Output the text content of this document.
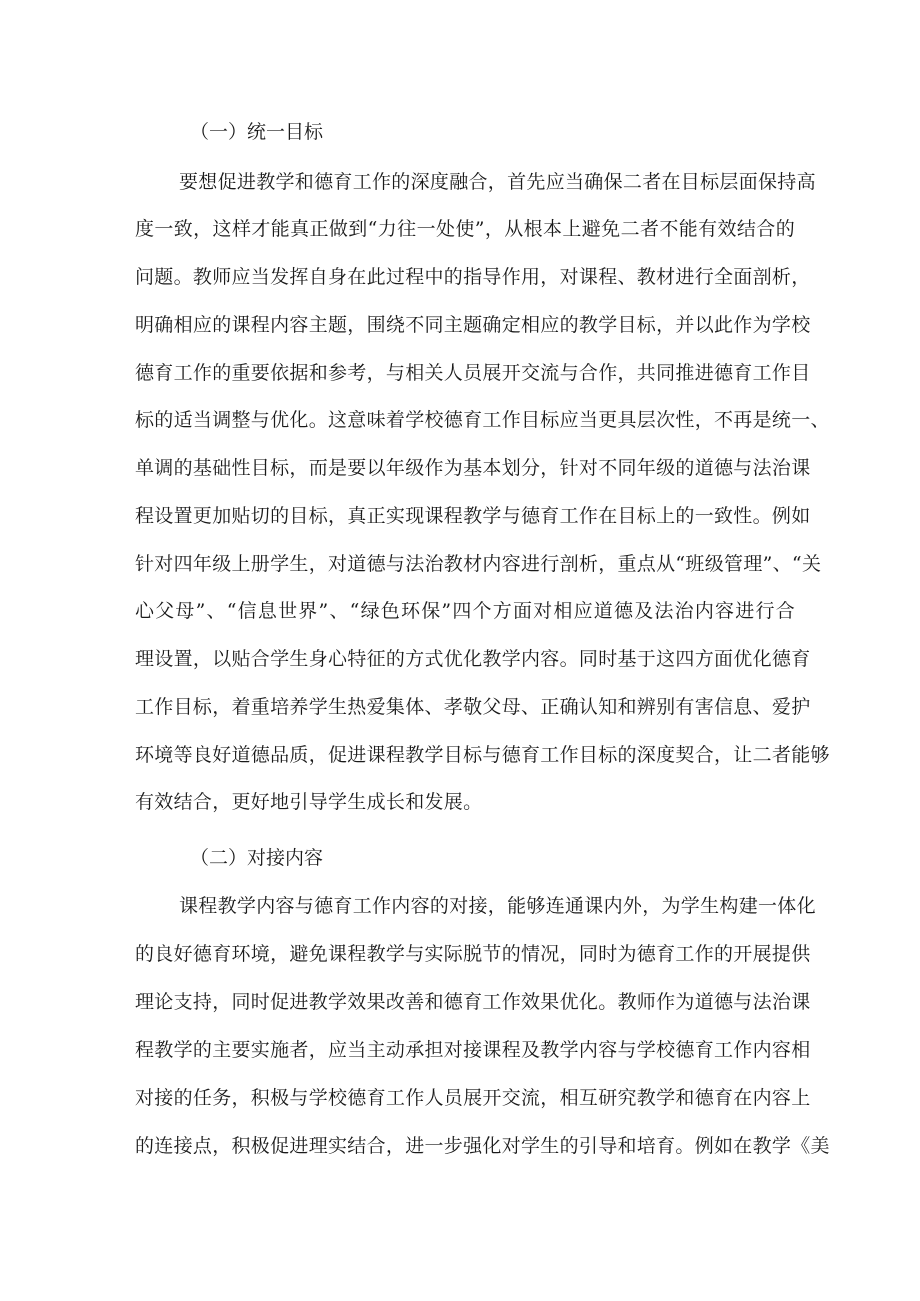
（一）统一目标
要想促进教学和德育工作的深度融合，首先应当确保二者在目标层面保持高
度一致，这样才能真正做到“力往一处使”，从根本上避免二者不能有效结合的
问题。教师应当发挥自身在此过程中的指导作用，对课程、教材进行全面剖析，
明确相应的课程内容主题，围绕不同主题确定相应的教学目标，并以此作为学校
德育工作的重要依据和参考，与相关人员展开交流与合作，共同推进德育工作目
标的适当调整与优化。这意味着学校德育工作目标应当更具层次性，不再是统一、
单调的基础性目标，而是要以年级作为基本划分，针对不同年级的道德与法治课
程设置更加贴切的目标，真正实现课程教学与德育工作在目标上的一致性。例如
针对四年级上册学生，对道德与法治教材内容进行剖析，重点从“班级管理”、“关
心父母”、“信息世界”、“绿色环保”四个方面对相应道德及法治内容进行合
理设置，以贴合学生身心特征的方式优化教学内容。同时基于这四方面优化德育
工作目标，着重培养学生热爱集体、孝敬父母、正确认知和辨别有害信息、爱护
环境等良好道德品质，促进课程教学目标与德育工作目标的深度契合，让二者能够
有效结合，更好地引导学生成长和发展。
（二）对接内容
课程教学内容与德育工作内容的对接，能够连通课内外，为学生构建一体化
的良好德育环境，避免课程教学与实际脱节的情况，同时为德育工作的开展提供
理论支持，同时促进教学效果改善和德育工作效果优化。教师作为道德与法治课
程教学的主要实施者，应当主动承担对接课程及教学内容与学校德育工作内容相
对接的任务，积极与学校德育工作人员展开交流，相互研究教学和德育在内容上
的连接点，积极促进理实结合，进一步强化对学生的引导和培育。例如在教学《美
